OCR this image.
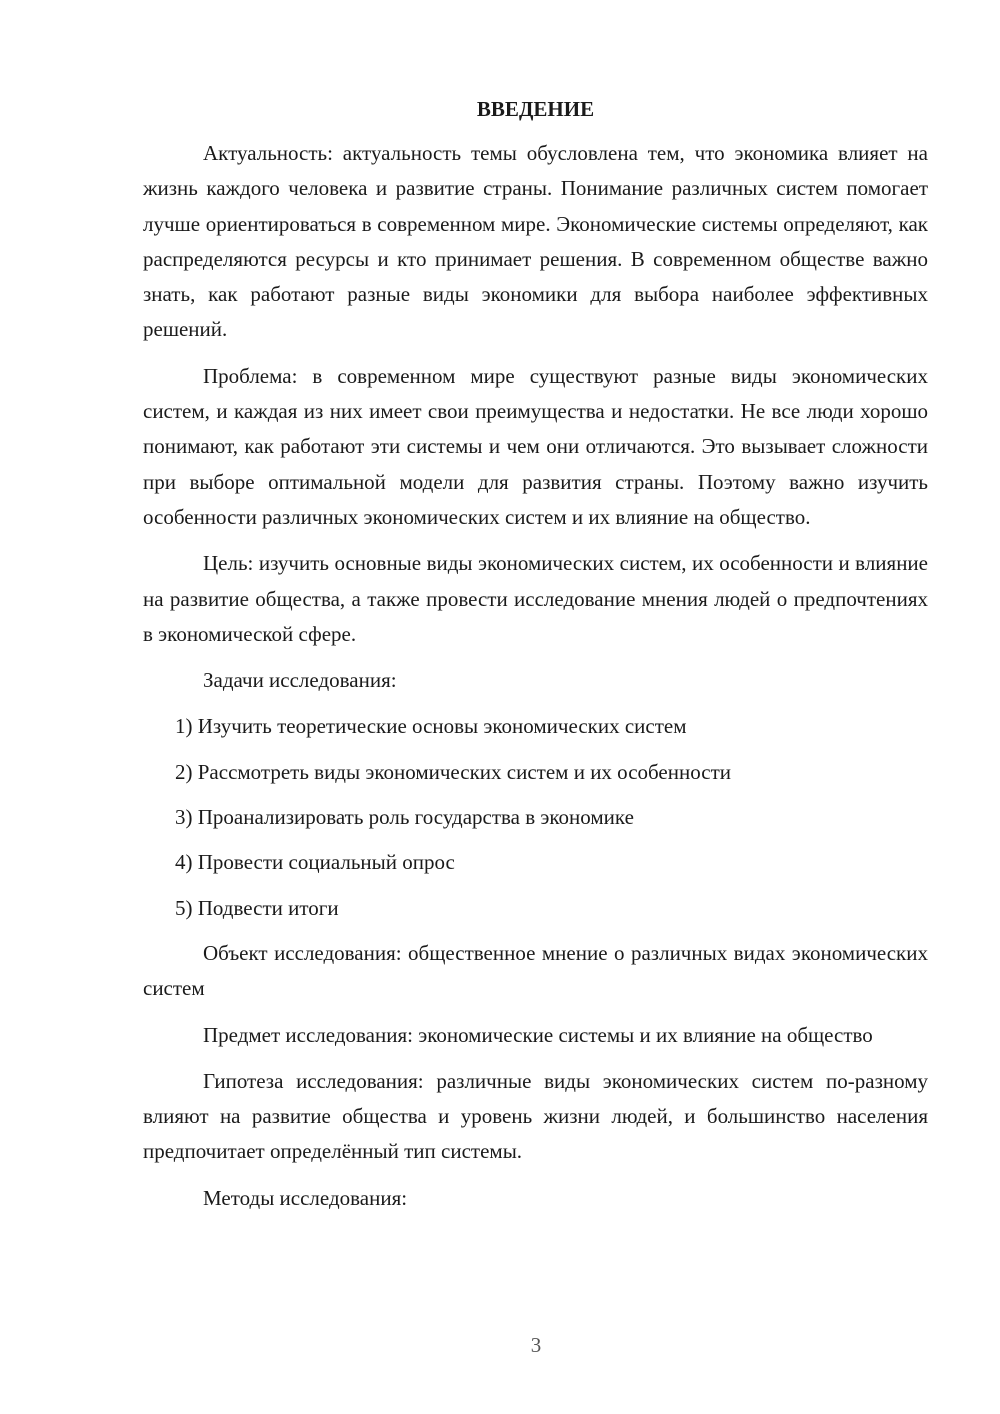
ВВЕДЕНИЕ

Актуальность: актуальность темы обусловлена тем, что экономика влияет на жизнь каждого человека и развитие страны. Понимание различных систем помогает лучше ориентироваться в современном мире. Экономические системы определяют, как распределяются ресурсы и кто принимает решения. В современном обществе важно знать, как работают разные виды экономики для выбора наиболее эффективных решений.

Проблема: в современном мире существуют разные виды экономических систем, и каждая из них имеет свои преимущества и недостатки. Не все люди хорошо понимают, как работают эти системы и чем они отличаются. Это вызывает сложности при выборе оптимальной модели для развития страны. Поэтому важно изучить особенности различных экономических систем и их влияние на общество.

Цель: изучить основные виды экономических систем, их особенности и влияние на развитие общества, а также провести исследование мнения людей о предпочтениях в экономической сфере.

Задачи исследования:

1) Изучить теоретические основы экономических систем
2) Рассмотреть виды экономических систем и их особенности
3) Проанализировать роль государства в экономике
4) Провести социальный опрос
5) Подвести итоги

Объект исследования: общественное мнение о различных видах экономических систем

Предмет исследования: экономические системы и их влияние на общество

Гипотеза исследования: различные виды экономических систем по-разному влияют на развитие общества и уровень жизни людей, и большинство населения предпочитает определённый тип системы.

Методы исследования:

3
